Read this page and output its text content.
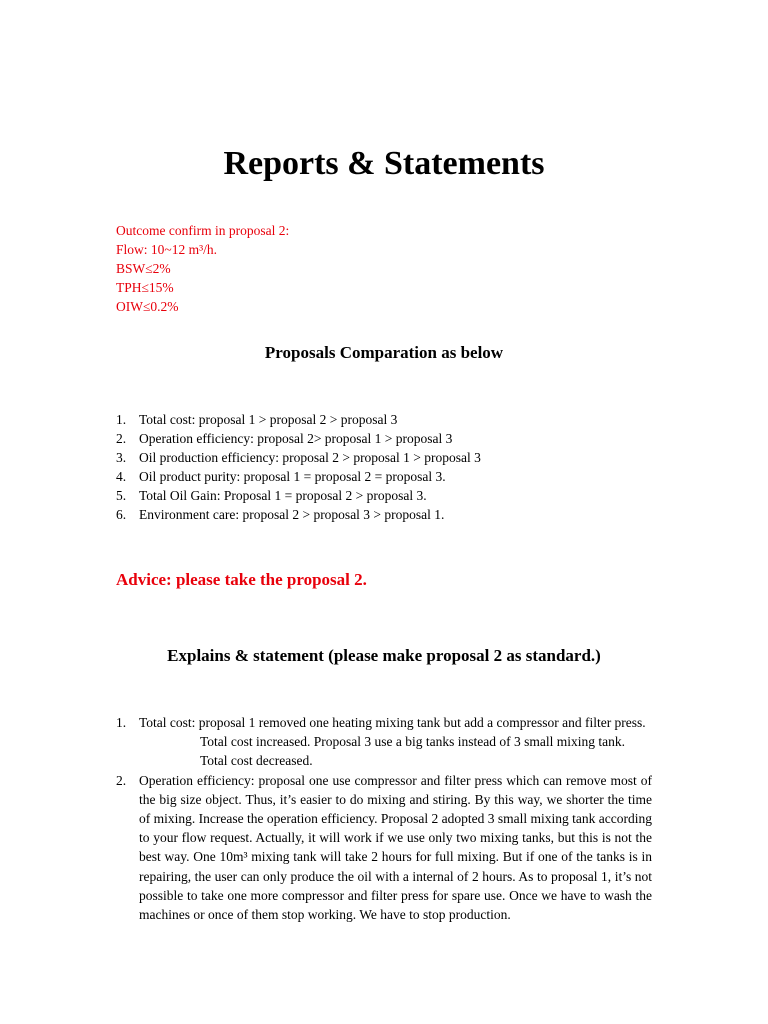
Reports & Statements
Outcome confirm in proposal 2:
Flow: 10~12 m³/h.
BSW≤2%
TPH≤15%
OIW≤0.2%
Proposals Comparation as below
1. Total cost: proposal 1 > proposal 2 > proposal 3
2. Operation efficiency: proposal 2> proposal 1 > proposal 3
3. Oil production efficiency: proposal 2 > proposal 1 > proposal 3
4. Oil product purity: proposal 1 = proposal 2 = proposal 3.
5. Total Oil Gain: Proposal 1 = proposal 2 > proposal 3.
6. Environment care: proposal 2 > proposal 3 > proposal 1.
Advice: please take the proposal 2.
Explains & statement (please make proposal 2 as standard.)
1. Total cost: proposal 1 removed one heating mixing tank but add a compressor and filter press.

Total cost increased. Proposal 3 use a big tanks instead of 3 small mixing tank.

Total cost decreased.

2. Operation efficiency: proposal one use compressor and filter press which can remove most of the big size object. Thus, it’s easier to do mixing and stiring. By this way, we shorter the time of mixing. Increase the operation efficiency. Proposal 2 adopted 3 small mixing tank according to your flow request. Actually, it will work if we use only two mixing tanks, but this is not the best way. One 10m³ mixing tank will take 2 hours for full mixing. But if one of the tanks is in repairing, the user can only produce the oil with a internal of 2 hours. As to proposal 1, it’s not possible to take one more compressor and filter press for spare use. Once we have to wash the machines or once of them stop working. We have to stop production.
